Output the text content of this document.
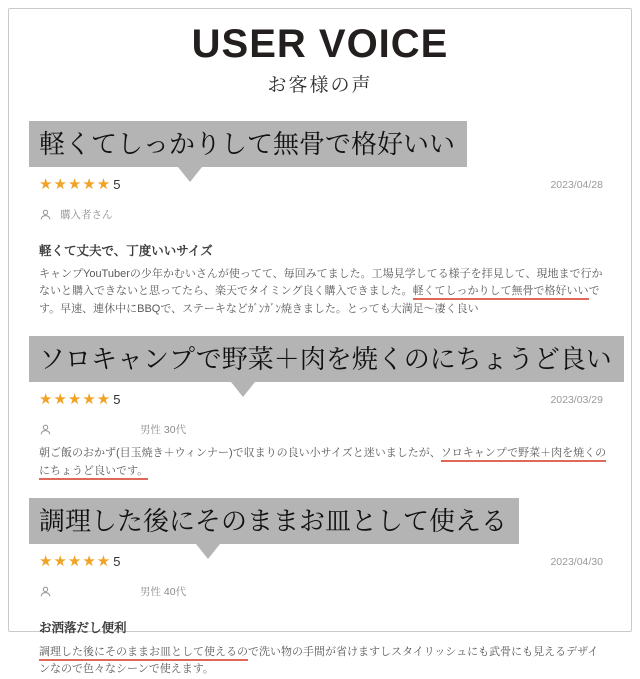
USER VOICE
お客様の声
軽くてしっかりして無骨で格好いい
★★★★★ 5	2023/04/28
購入者さん
軽くて丈夫で、丁度いいサイズ
キャンプYouTuberの少年かむいさんが使ってて、毎回みてました。工場見学してる様子を拝見して、現地まで行かないと購入できないと思ってたら、楽天でタイミング良く購入できました。軽くてしっかりして無骨で格好いいです。早速、連休中にBBQで、ステーキなどｶﾞﾝｶﾞﾝ焼きました。とっても大満足〜凄く良い
ソロキャンプで野菜＋肉を焼くのにちょうど良い
★★★★★ 5	2023/03/29
男性 30代
朝ご飯のおかず(目玉焼き＋ウィンナー)で収まりの良い小サイズと迷いましたが、ソロキャンプで野菜＋肉を焼くのにちょうど良いです。
調理した後にそのままお皿として使える
★★★★★ 5	2023/04/30
男性 40代
お洒落だし便利
調理した後にそのままお皿として使えるので洗い物の手間が省けますしスタイリッシュにも武骨にも見えるデザインなので色々なシーンで使えます。
